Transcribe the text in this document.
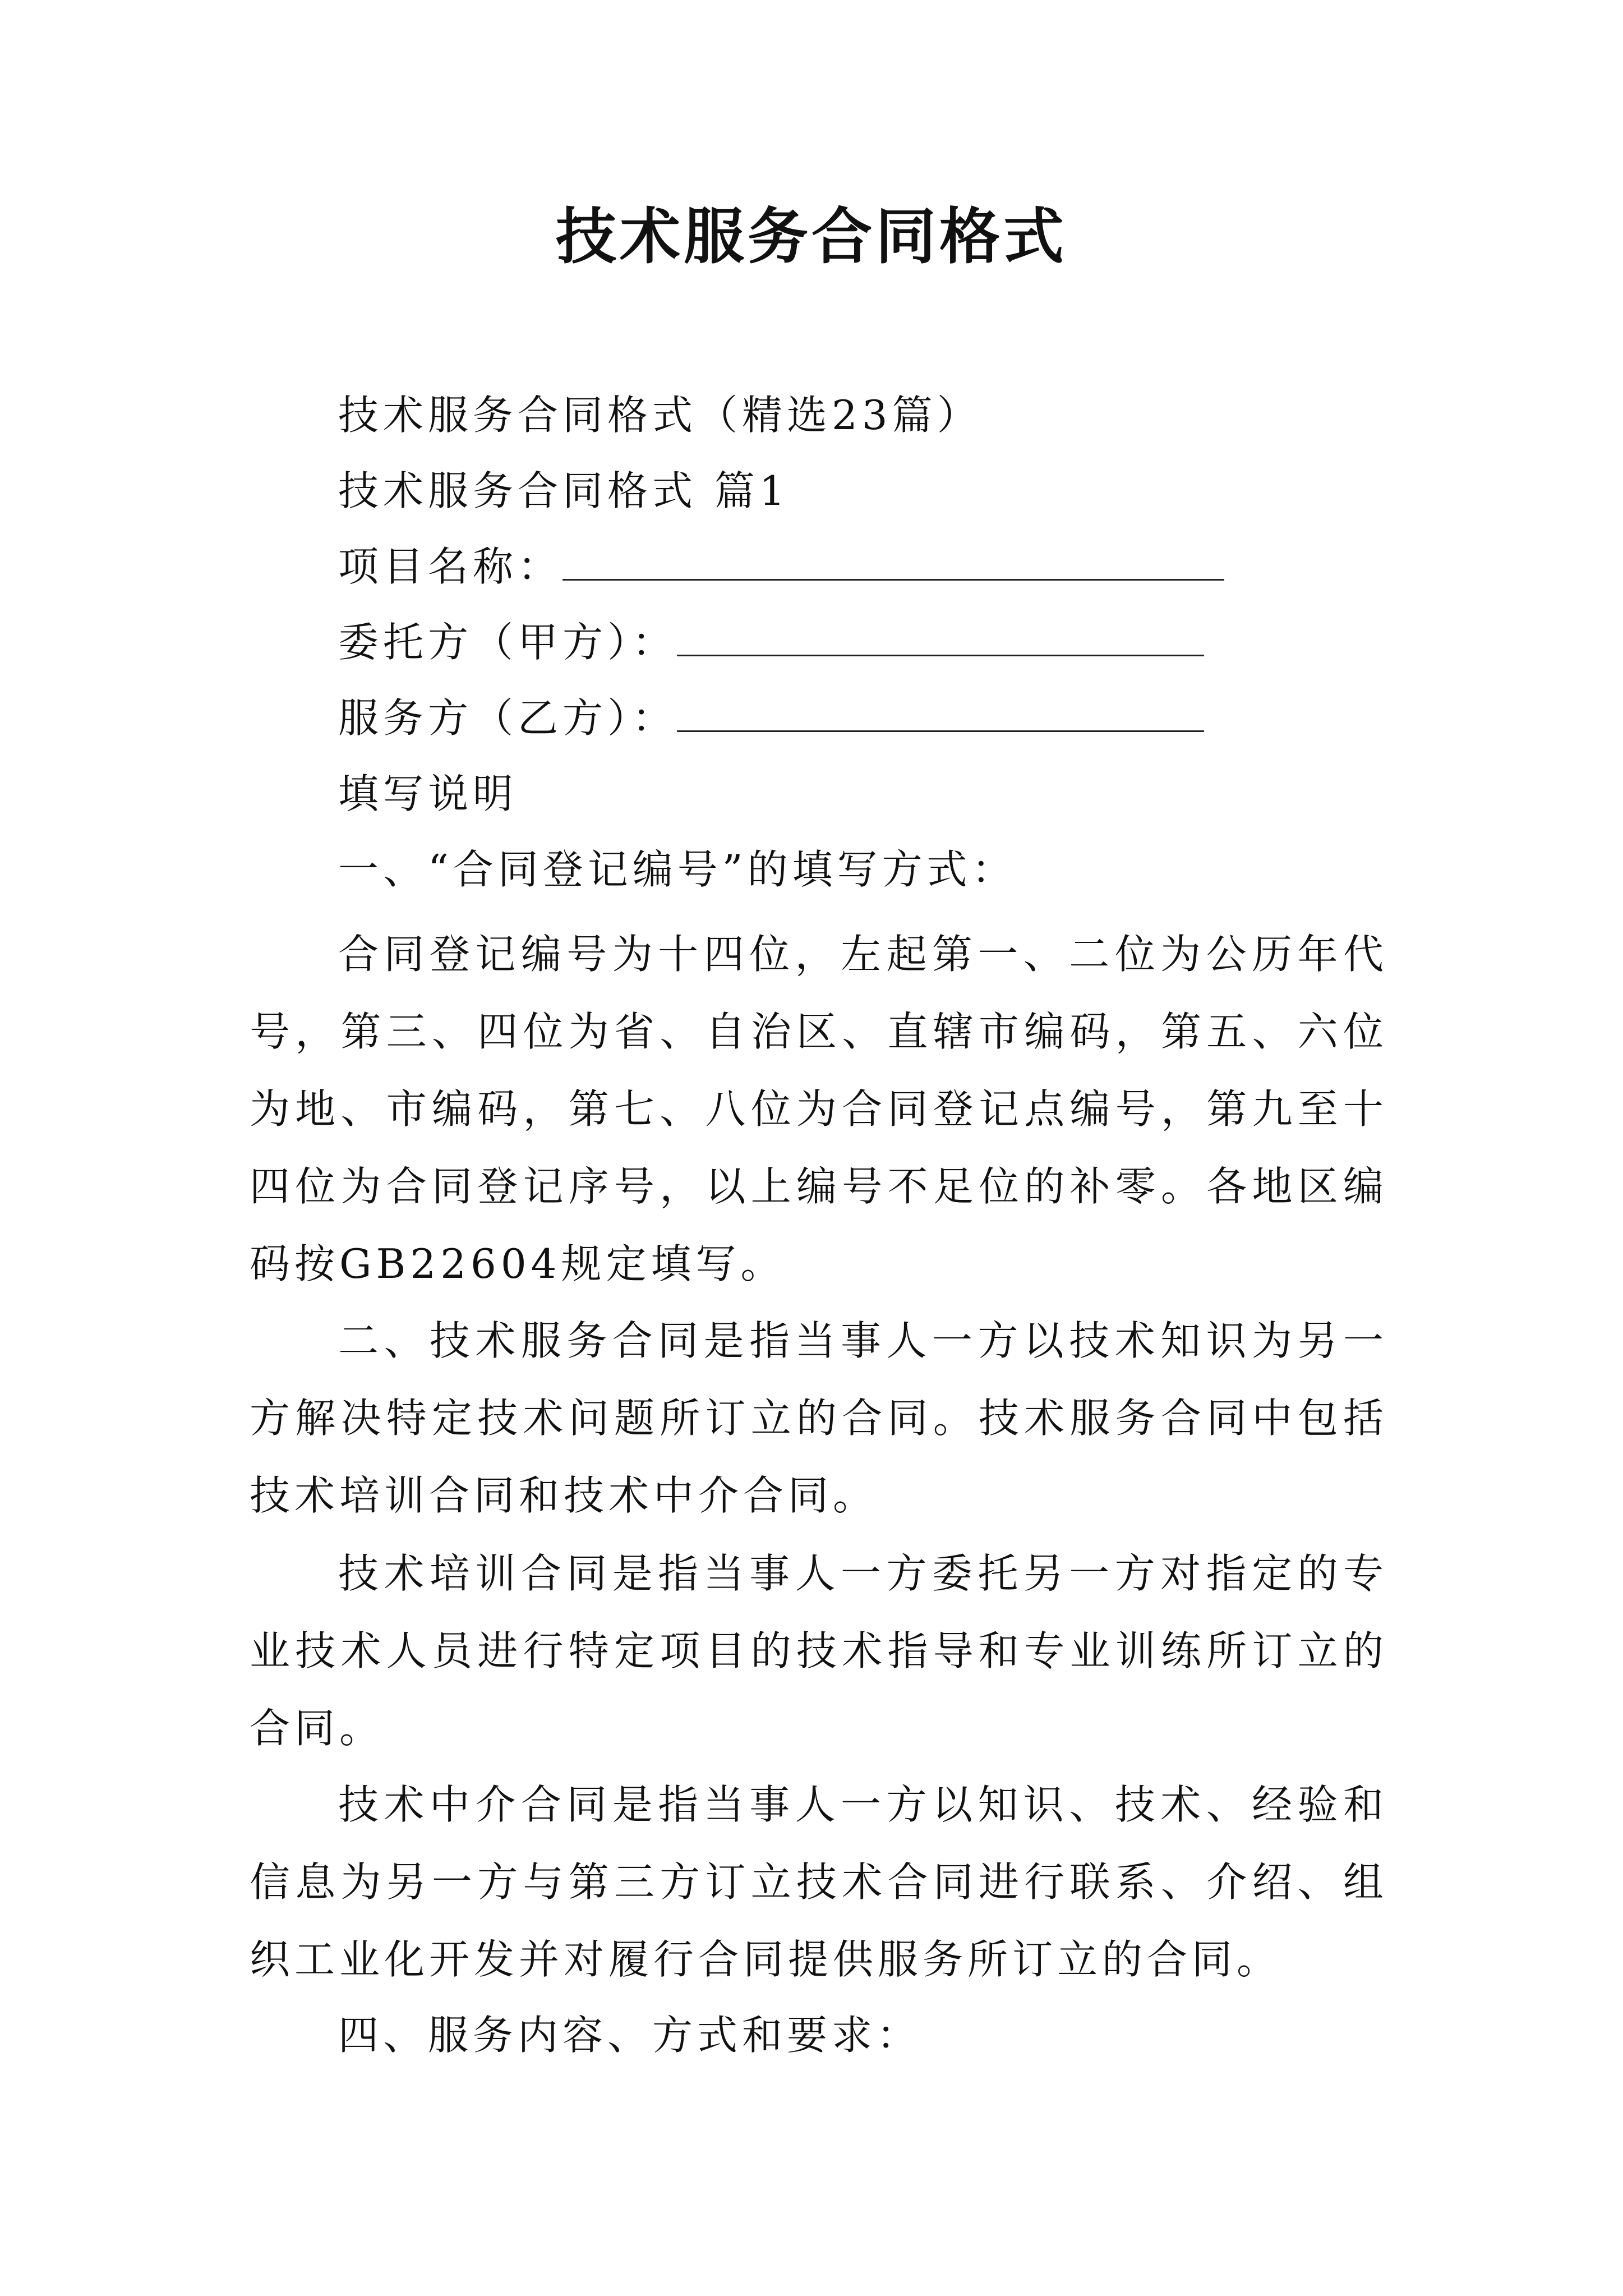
技术服务合同格式
技术服务合同格式（精选23篇）
技术服务合同格式 篇1
项目名称：
委托方（甲方）：
服务方（乙方）：
填写说明
一、“合同登记编号”的填写方式：
合同登记编号为十四位，左起第一、二位为公历年代号，第三、四位为省、自治区、直辖市编码，第五、六位为地、市编码，第七、八位为合同登记点编号，第九至十四位为合同登记序号，以上编号不足位的补零。各地区编码按GB22604规定填写。
二、技术服务合同是指当事人一方以技术知识为另一方解决特定技术问题所订立的合同。技术服务合同中包括技术培训合同和技术中介合同。
技术培训合同是指当事人一方委托另一方对指定的专业技术人员进行特定项目的技术指导和专业训练所订立的合同。
技术中介合同是指当事人一方以知识、技术、经验和信息为另一方与第三方订立技术合同进行联系、介绍、组织工业化开发并对履行合同提供服务所订立的合同。
四、服务内容、方式和要求：
